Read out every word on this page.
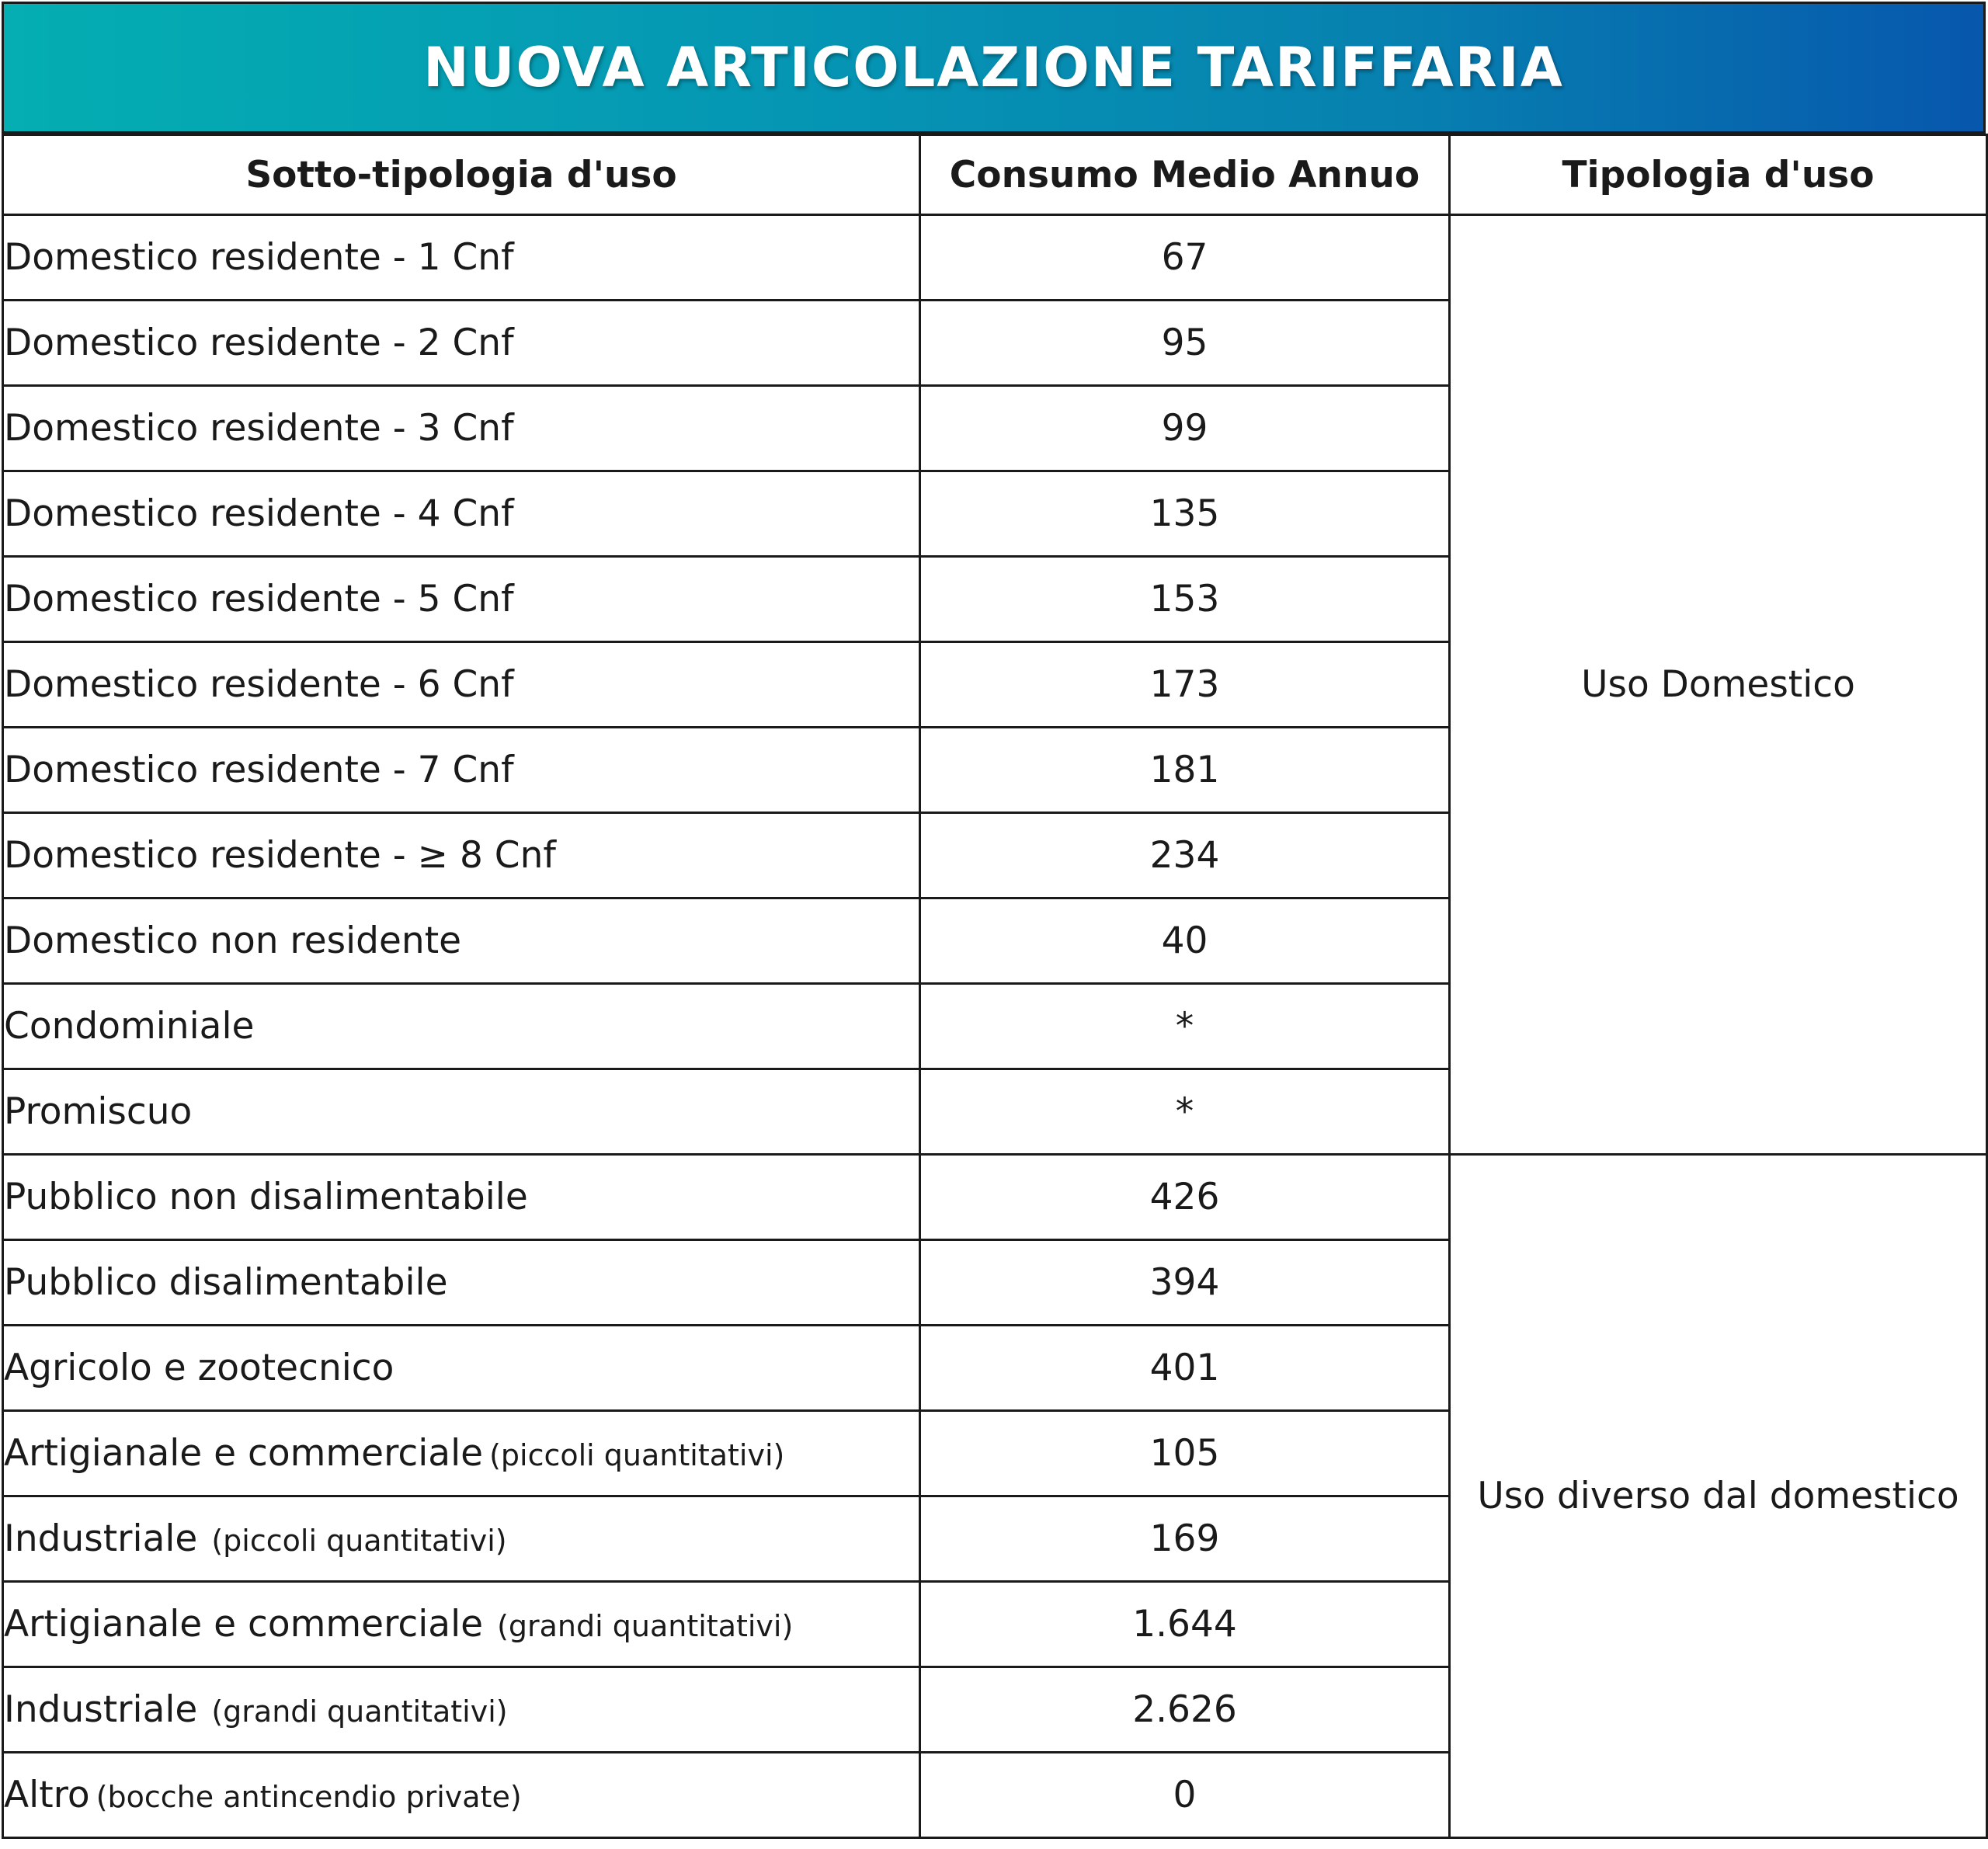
NUOVA ARTICOLAZIONE TARIFFARIA
Sotto-tipologia d'uso	Consumo Medio Annuo	Tipologia d'uso
Domestico residente - 1 Cnf	67	Uso Domestico
Domestico residente - 2 Cnf	95	
Domestico residente - 3 Cnf	99	
Domestico residente - 4 Cnf	135	
Domestico residente - 5 Cnf	153	
Domestico residente - 6 Cnf	173	
Domestico residente - 7 Cnf	181	
Domestico residente - ≥ 8 Cnf	234	
Domestico non residente	40	
Condominiale	*	
Promiscuo	*	
Pubblico non disalimentabile	426	Uso diverso dal domestico
Pubblico disalimentabile	394	
Agricolo e zootecnico	401	
Artigianale e commerciale (piccoli quantitativi)	105	
Industriale (piccoli quantitativi)	169	
Artigianale e commerciale (grandi quantitativi)	1.644	
Industriale (grandi quantitativi)	2.626	
Altro (bocche antincendio private)	0	
